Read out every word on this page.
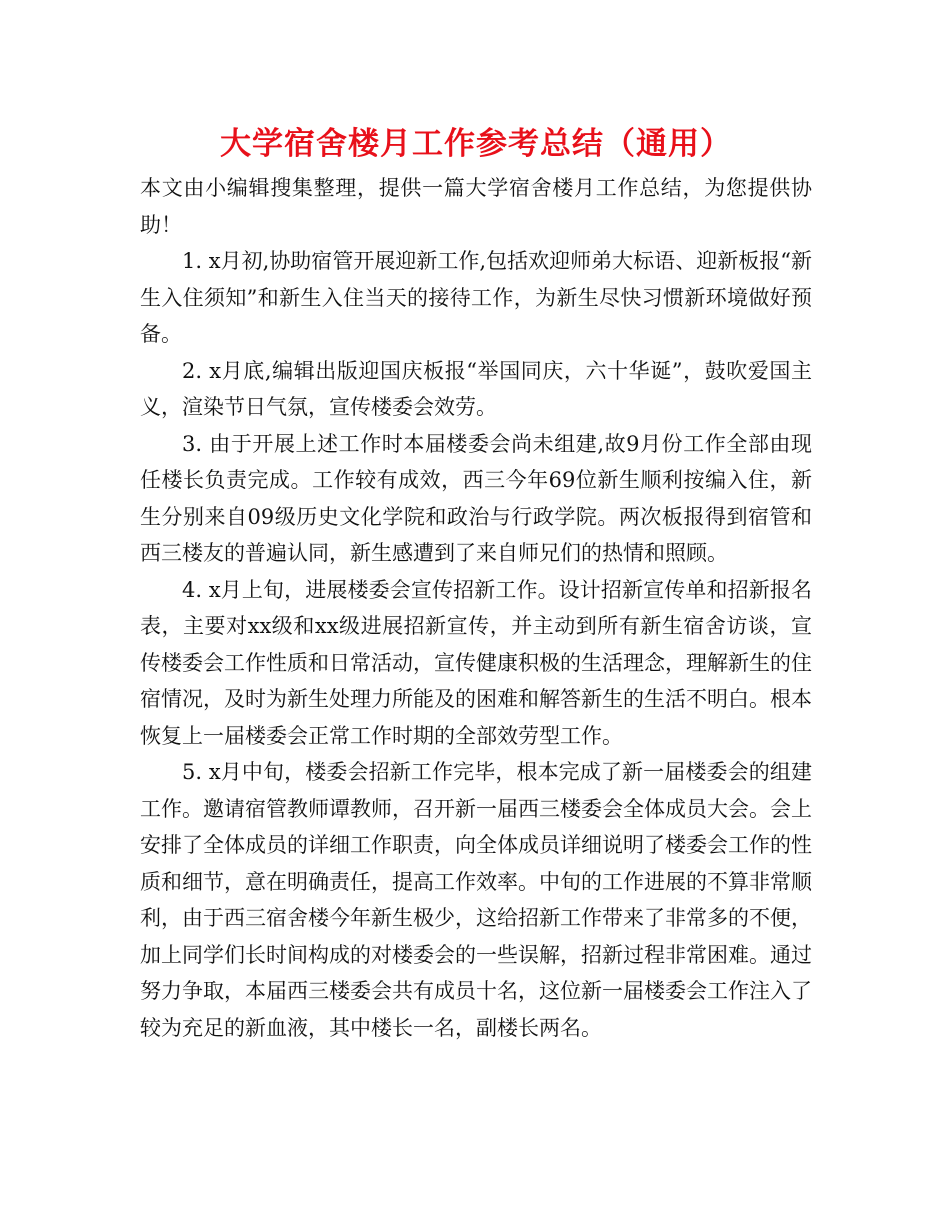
大学宿舍楼月工作参考总结（通用）

本文由小编辑搜集整理，提供一篇大学宿舍楼月工作总结，为您提供协助！

1. x月初,协助宿管开展迎新工作,包括欢迎师弟大标语、迎新板报“新生入住须知”和新生入住当天的接待工作，为新生尽快习惯新环境做好预备。

2. x月底,编辑出版迎国庆板报“举国同庆，六十华诞”，鼓吹爱国主义，渲染节日气氛，宣传楼委会效劳。

3. 由于开展上述工作时本届楼委会尚未组建,故9月份工作全部由现任楼长负责完成。工作较有成效，西三今年69位新生顺利按编入住，新生分别来自09级历史文化学院和政治与行政学院。两次板报得到宿管和西三楼友的普遍认同，新生感遭到了来自师兄们的热情和照顾。

4. x月上旬，进展楼委会宣传招新工作。设计招新宣传单和招新报名表，主要对xx级和xx级进展招新宣传，并主动到所有新生宿舍访谈，宣传楼委会工作性质和日常活动，宣传健康积极的生活理念，理解新生的住宿情况，及时为新生处理力所能及的困难和解答新生的生活不明白。根本恢复上一届楼委会正常工作时期的全部效劳型工作。

5. x月中旬，楼委会招新工作完毕，根本完成了新一届楼委会的组建工作。邀请宿管教师谭教师，召开新一届西三楼委会全体成员大会。会上安排了全体成员的详细工作职责，向全体成员详细说明了楼委会工作的性质和细节，意在明确责任，提高工作效率。中旬的工作进展的不算非常顺利，由于西三宿舍楼今年新生极少，这给招新工作带来了非常多的不便，加上同学们长时间构成的对楼委会的一些误解，招新过程非常困难。通过努力争取，本届西三楼委会共有成员十名，这位新一届楼委会工作注入了较为充足的新血液，其中楼长一名，副楼长两名。
